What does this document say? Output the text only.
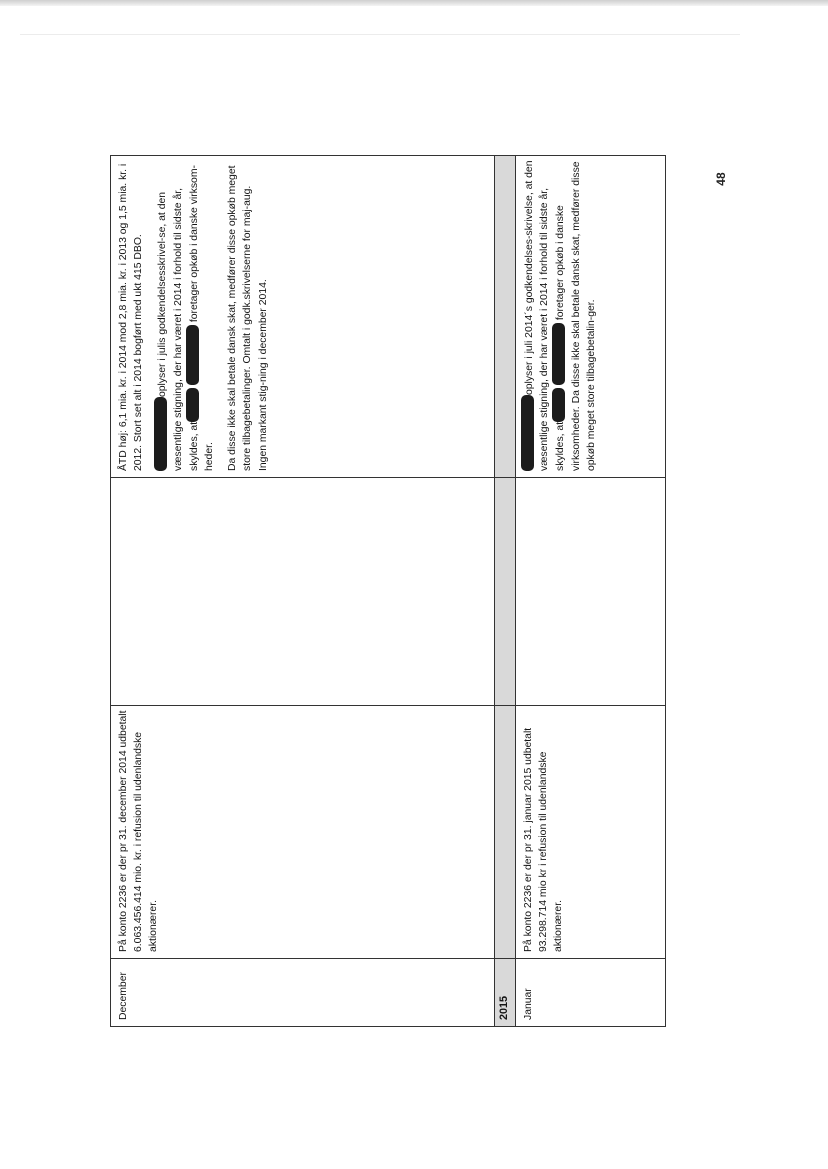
48
December
På konto 2236 er der pr 31. december 2014 udbetalt 6.063.456.414 mio. kr. i refusion til udenlandske aktionærer.

ÅTD høj: 6,1 mia. kr. i 2014 mod 2,8 mia. kr. i 2013 og 1,5 mia. kr. i 2012. Stort set alt i 2014 bogført med ukt 415 DBO. oplyser i julis godkendelsesskrivel-se, at den væsentlige stigning, der har været i 2014 i forhold til sidste år, skyldes, at  foretager opkøb i danske virksom-heder. Da disse ikke skal betale dansk skat, medfører disse opkøb meget store tilbagebetalinger. Omtalt i godk.skrivelserne for maj-aug. Ingen markant stig-ning i december 2014.

2015	Januar
På konto 2236 er der pr 31. januar 2015 udbetalt 93.298.714 mio kr i refusion til udenlandske aktionærer.

oplyser i juli 2014´s godkendelses-skrivelse, at den væsentlige stigning, der har været i 2014 i forhold til sidste år, skyldes, at  foretager opkøb i danske virksomheder. Da disse ikke skal betale dansk skat, medfører disse opkøb meget store tilbagebetalin-ger.
